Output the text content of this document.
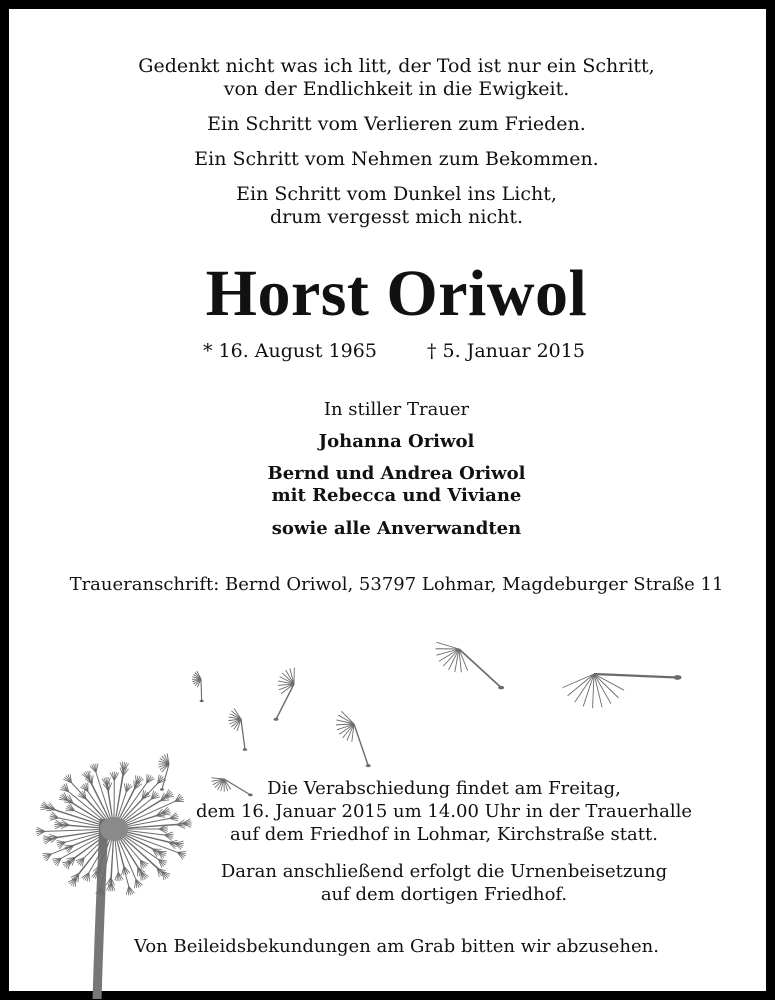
Gedenkt nicht was ich litt, der Tod ist nur ein Schritt,

von der Endlichkeit in die Ewigkeit.

Ein Schritt vom Verlieren zum Frieden.

Ein Schritt vom Nehmen zum Bekommen.

Ein Schritt vom Dunkel ins Licht,

drum vergesst mich nicht.

Horst Oriwol
* 16. August 1965	† 5. Januar 2015

In stiller Trauer

Johanna Oriwol

Bernd und Andrea Oriwol

mit Rebecca und Viviane

sowie alle Anverwandten

Traueranschrift: Bernd Oriwol, 53797 Lohmar, Magdeburger Straße 11

Die Verabschiedung findet am Freitag,

dem 16. Januar 2015 um 14.00 Uhr in der Trauerhalle

auf dem Friedhof in Lohmar, Kirchstraße statt.

Daran anschließend erfolgt die Urnenbeisetzung

auf dem dortigen Friedhof.

Von Beileidsbekundungen am Grab bitten wir abzusehen.
